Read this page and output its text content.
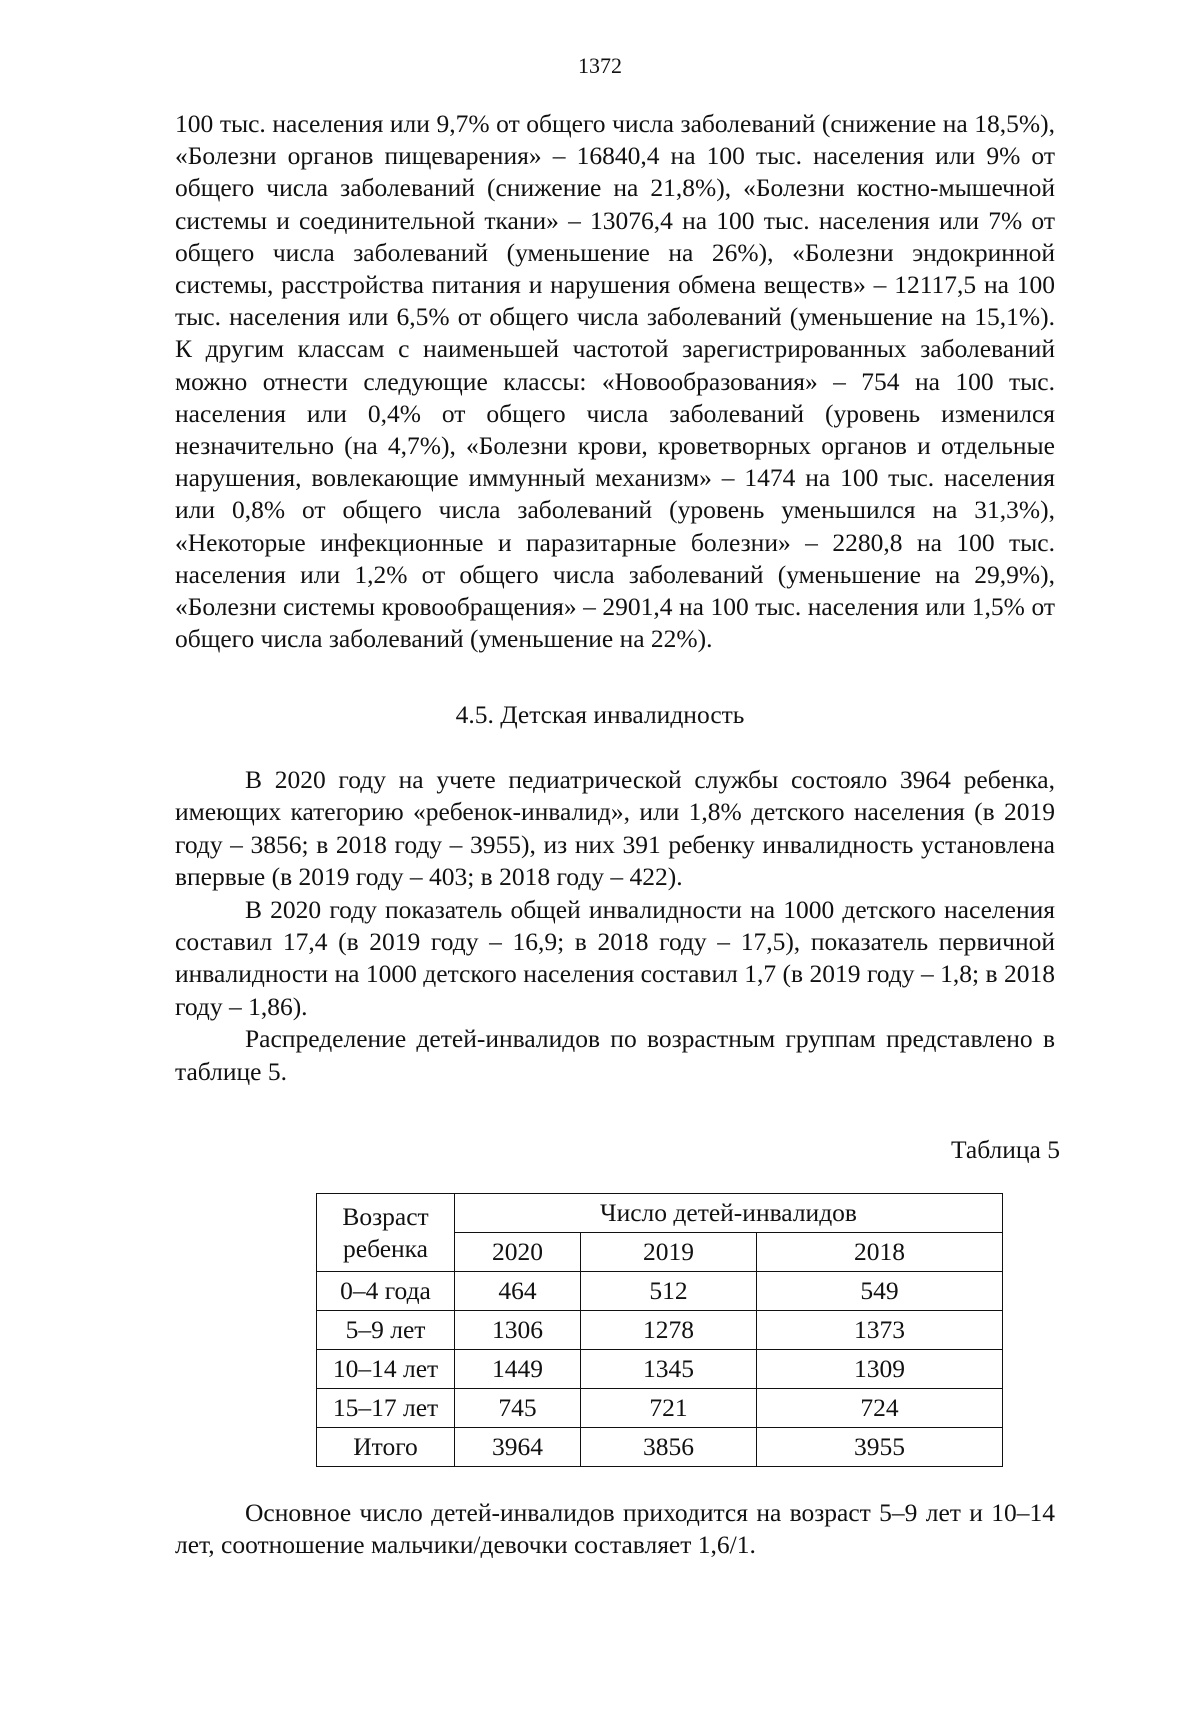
1372
100 тыс. населения или 9,7% от общего числа заболеваний (снижение на 18,5%), «Болезни органов пищеварения» – 16840,4 на 100 тыс. населения или 9% от общего числа заболеваний (снижение на 21,8%), «Болезни костно-мышечной системы и соединительной ткани» – 13076,4 на 100 тыс. населения или 7% от общего числа заболеваний (уменьшение на 26%), «Болезни эндокринной системы, расстройства питания и нарушения обмена веществ» – 12117,5 на 100 тыс. населения или 6,5% от общего числа заболеваний (уменьшение на 15,1%). К другим классам с наименьшей частотой зарегистрированных заболеваний можно отнести следующие классы: «Новообразования» – 754 на 100 тыс. населения или 0,4% от общего числа заболеваний (уровень изменился незначительно (на 4,7%), «Болезни крови, кроветворных органов и отдельные нарушения, вовлекающие иммунный механизм» – 1474 на 100 тыс. населения или 0,8% от общего числа заболеваний (уровень уменьшился на 31,3%), «Некоторые инфекционные и паразитарные болезни» – 2280,8 на 100 тыс. населения или 1,2% от общего числа заболеваний (уменьшение на 29,9%), «Болезни системы кровообращения» – 2901,4 на 100 тыс. населения или 1,5% от общего числа заболеваний (уменьшение на 22%).
4.5. Детская инвалидность

В 2020 году на учете педиатрической службы состояло 3964 ребенка, имеющих категорию «ребенок-инвалид», или 1,8% детского населения (в 2019 году – 3856; в 2018 году – 3955), из них 391 ребенку инвалидность установлена впервые (в 2019 году – 403; в 2018 году – 422).

В 2020 году показатель общей инвалидности на 1000 детского населения составил 17,4 (в 2019 году – 16,9; в 2018 году – 17,5), показатель первичной инвалидности на 1000 детского населения составил 1,7 (в 2019 году – 1,8; в 2018 году – 1,86).

Распределение детей-инвалидов по возрастным группам представлено в таблице 5.

Таблица 5
Возраст ребенка	Число детей-инвалидов		
	2020	2019	2018
0–4 года	464	512	549
5–9 лет	1306	1278	1373
10–14 лет	1449	1345	1309
15–17 лет	745	721	724
Итого	3964	3856	3955

Основное число детей-инвалидов приходится на возраст 5–9 лет и 10–14 лет, соотношение мальчики/девочки составляет 1,6/1.
